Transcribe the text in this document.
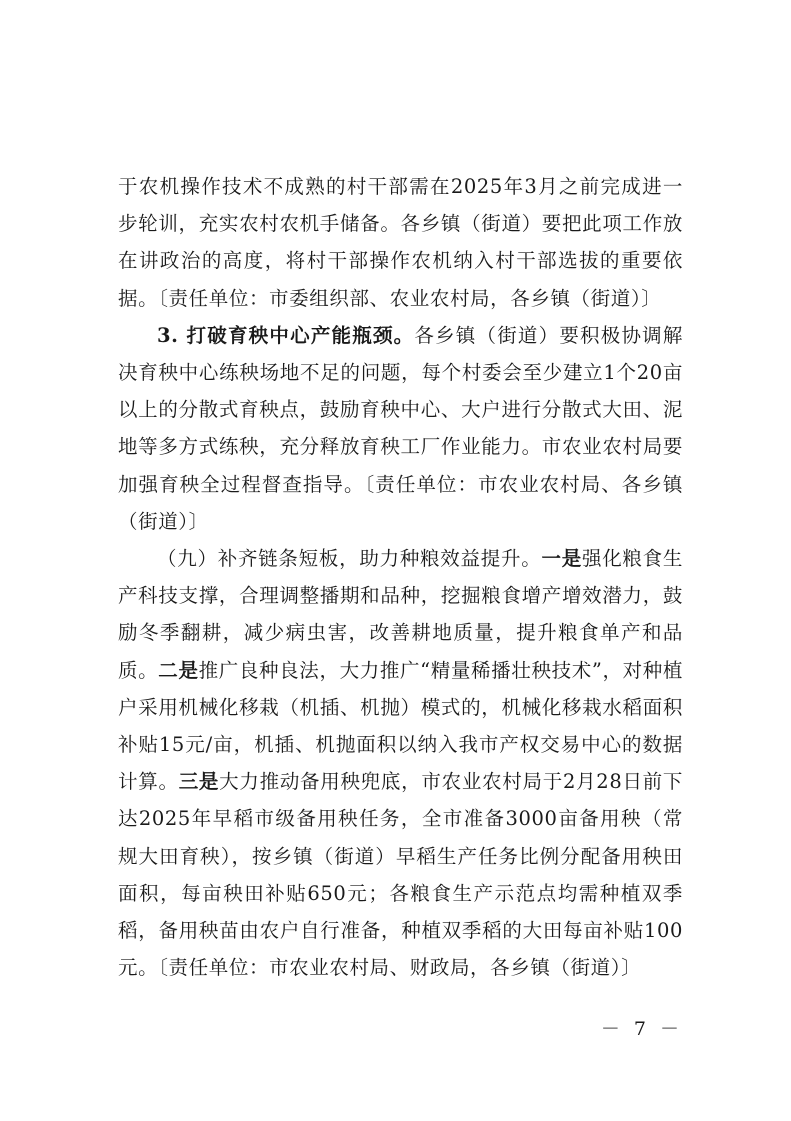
于农机操作技术不成熟的村干部需在2025年3月之前完成进一步轮训，充实农村农机手储备。各乡镇（街道）要把此项工作放在讲政治的高度，将村干部操作农机纳入村干部选拔的重要依据。〔责任单位：市委组织部、农业农村局，各乡镇（街道）〕

3. 打破育秧中心产能瓶颈。各乡镇（街道）要积极协调解决育秧中心练秧场地不足的问题，每个村委会至少建立1个20亩以上的分散式育秧点，鼓励育秧中心、大户进行分散式大田、泥地等多方式练秧，充分释放育秧工厂作业能力。市农业农村局要加强育秧全过程督查指导。〔责任单位：市农业农村局、各乡镇（街道）〕

（九）补齐链条短板，助力种粮效益提升。一是强化粮食生产科技支撑，合理调整播期和品种，挖掘粮食增产增效潜力，鼓励冬季翻耕，减少病虫害，改善耕地质量，提升粮食单产和品质。二是推广良种良法，大力推广“精量稀播壮秧技术”，对种植户采用机械化移栽（机插、机抛）模式的，机械化移栽水稻面积补贴15元/亩，机插、机抛面积以纳入我市产权交易中心的数据计算。三是大力推动备用秧兜底，市农业农村局于2月28日前下达2025年早稻市级备用秧任务，全市准备3000亩备用秧（常规大田育秧），按乡镇（街道）早稻生产任务比例分配备用秧田面积，每亩秧田补贴650元；各粮食生产示范点均需种植双季稻，备用秧苗由农户自行准备，种植双季稻的大田每亩补贴100元。〔责任单位：市农业农村局、财政局，各乡镇（街道）〕

－ 7 －
